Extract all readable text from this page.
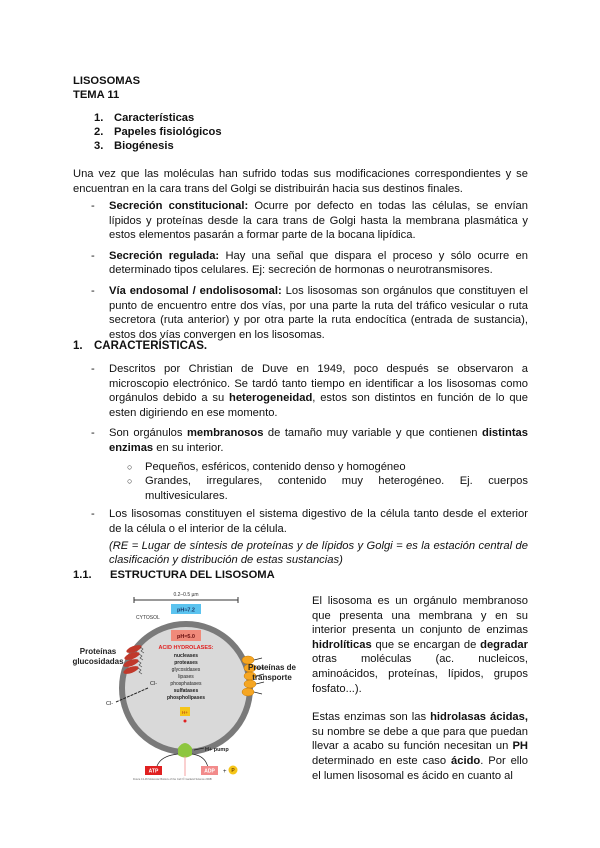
LISOSOMAS
TEMA 11
1. Características
2. Papeles fisiológicos
3. Biogénesis
Una vez que las moléculas han sufrido todas sus modificaciones correspondientes y se encuentran en la cara trans del Golgi se distribuirán hacia sus destinos finales.
- Secreción constitucional: Ocurre por defecto en todas las células, se envían lípidos y proteínas desde la cara trans de Golgi hasta la membrana plasmática y estos elementos pasarán a formar parte de la bocana lipídica.
- Secreción regulada: Hay una señal que dispara el proceso y sólo ocurre en determinado tipos celulares. Ej: secreción de hormonas o neurotransmisores.
- Vía endosomal / endolisosomal: Los lisosomas son orgánulos que constituyen el punto de encuentro entre dos vías, por una parte la ruta del tráfico vesicular o ruta secretora (ruta anterior) y por otra parte la ruta endocítica (entrada de sustancia), estos dos vías convergen en los lisosomas.
1. CARACTERÍSTICAS.
- Descritos por Christian de Duve en 1949, poco después se observaron a microscopio electrónico. Se tardó tanto tiempo en identificar a los lisosomas como orgánulos debido a su heterogeneidad, estos son distintos en función de lo que esten digiriendo en ese momento.
- Son orgánulos membranosos de tamaño muy variable y que contienen distintas enzimas en su interior.
○ Pequeños, esféricos, contenido denso y homogéneo
○ Grandes, irregulares, contenido muy heterogéneo. Ej. cuerpos multivesiculares.
- Los lisosomas constituyen el sistema digestivo de la célula tanto desde el exterior de la célula o el interior de la célula.
(RE = Lugar de síntesis de proteínas y de lípidos y Golgi = es la estación central de clasificación y distribución de estas sustancias)
1.1. ESTRUCTURA DEL LISOSOMA
0.2–0.5 µm
pH≈7.2
CYTOSOL
pH≈5.0
ACID HYDROLASES:
nucleases
proteases
glycosidases
lipases
phosphatases
sulfatases
phospholipases
Cl-
Cl-
H+
Proteínas
glucosidadas
Proteínas de
transporte
H+ pump
ATP	ADP + P
Figure 13-36 Molecular Biology of the Cell (© Garland Science 2008)

El lisosoma es un orgánulo membranoso que presenta una membrana y en su interior presenta un conjunto de enzimas hidrolíticas que se encargan de degradar otras moléculas (ac. nucleicos, aminoácidos, proteínas, lípidos, grupos fosfato...).

Estas enzimas son las hidrolasas ácidas, su nombre se debe a que para que puedan llevar a acabo su función necesitan un PH determinado en este caso ácido. Por ello el lumen lisosomal es ácido en cuanto al
